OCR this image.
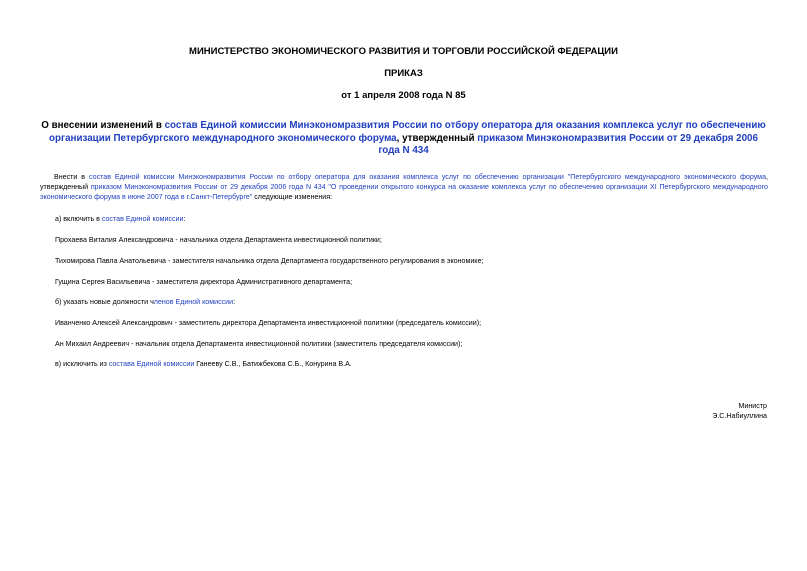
МИНИСТЕРСТВО ЭКОНОМИЧЕСКОГО РАЗВИТИЯ И ТОРГОВЛИ РОССИЙСКОЙ ФЕДЕРАЦИИ
ПРИКАЗ
от 1 апреля 2008 года N 85
О внесении изменений в состав Единой комиссии Минэкономразвития России по отбору оператора для оказания комплекса услуг по обеспечению организации Петербургского международного экономического форума, утвержденный приказом Минэкономразвития России от 29 декабря 2006 года N 434
Внести в состав Единой комиссии Минэкономразвития России по отбору оператора для оказания комплекса услуг по обеспечению организации "Петербургского международного экономического форума, утвержденный приказом Минэкономразвития России от 29 декабря 2006 года N 434 "О проведении открытого конкурса на оказание комплекса услуг по обеспечению организации XI Петербургского международного экономического форума в июне 2007 года в г.Санкт-Петербурге" следующие изменения:
а) включить в состав Единой комиссии:
Прохаева Виталия Александровича - начальника отдела Департамента инвестиционной политики;
Тихомирова Павла Анатольевича - заместителя начальника отдела Департамента государственного регулирования в экономике;
Гущина Сергея Васильевича - заместителя директора Административного департамента;
б) указать новые должности членов Единой комиссии:
Иванченко Алексей Александрович - заместитель директора Департамента инвестиционной политики (председатель комиссии);
Ан Михаил Андреевич - начальник отдела Департамента инвестиционной политики (заместитель председателя комиссии);
в) исключить из состава Единой комиссии Ганееву С.В., Батижбекова С.Б., Конурина В.А.
Министр
Э.С.Набиуллина
